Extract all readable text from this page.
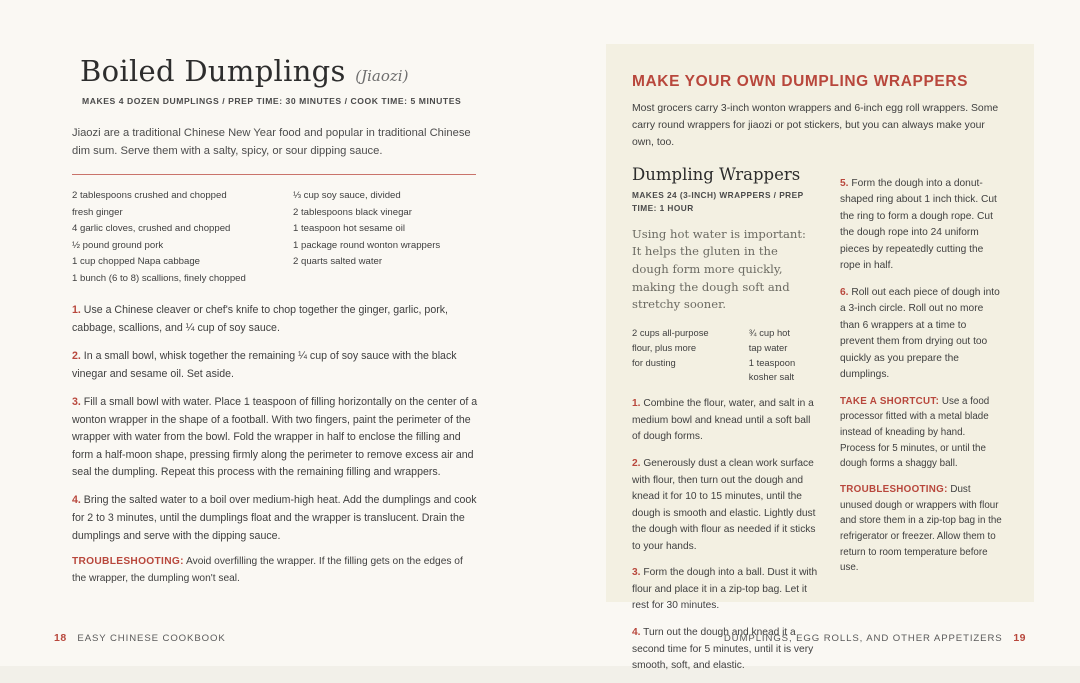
Boiled Dumplings (Jiaozi)
MAKES 4 DOZEN DUMPLINGS / PREP TIME: 30 MINUTES / COOK TIME: 5 MINUTES

Jiaozi are a traditional Chinese New Year food and popular in traditional Chinese dim sum. Serve them with a salty, spicy, or sour dipping sauce.

2 tablespoons crushed and chopped
fresh ginger
4 garlic cloves, crushed and chopped
½ pound ground pork
1 cup chopped Napa cabbage
1 bunch (6 to 8) scallions, finely chopped
⅓ cup soy sauce, divided
2 tablespoons black vinegar
1 teaspoon hot sesame oil
1 package round wonton wrappers
2 quarts salted water

1. Use a Chinese cleaver or chef's knife to chop together the ginger, garlic, pork, cabbage, scallions, and ¼ cup of soy sauce.

2. In a small bowl, whisk together the remaining ¼ cup of soy sauce with the black vinegar and sesame oil. Set aside.

3. Fill a small bowl with water. Place 1 teaspoon of filling horizontally on the center of a wonton wrapper in the shape of a football. With two fingers, paint the perimeter of the wrapper with water from the bowl. Fold the wrapper in half to enclose the filling and form a half-moon shape, pressing firmly along the perimeter to remove excess air and seal the dumpling. Repeat this process with the remaining filling and wrappers.

4. Bring the salted water to a boil over medium-high heat. Add the dumplings and cook for 2 to 3 minutes, until the dumplings float and the wrapper is translucent. Drain the dumplings and serve with the dipping sauce.

TROUBLESHOOTING: Avoid overfilling the wrapper. If the filling gets on the edges of the wrapper, the dumpling won't seal.

18 EASY CHINESE COOKBOOK
MAKE YOUR OWN DUMPLING WRAPPERS

Most grocers carry 3-inch wonton wrappers and 6-inch egg roll wrappers. Some carry round wrappers for jiaozi or pot stickers, but you can always make your own, too.

Dumpling Wrappers
MAKES 24 (3-INCH) WRAPPERS / PREP TIME: 1 HOUR

Using hot water is important: It helps the gluten in the dough form more quickly, making the dough soft and stretchy sooner.

2 cups all-purpose
flour, plus more
for dusting
¾ cup hot
tap water
1 teaspoon
kosher salt

1. Combine the flour, water, and salt in a medium bowl and knead until a soft ball of dough forms.

2. Generously dust a clean work surface with flour, then turn out the dough and knead it for 10 to 15 minutes, until the dough is smooth and elastic. Lightly dust the dough with flour as needed if it sticks to your hands.

3. Form the dough into a ball. Dust it with flour and place it in a zip-top bag. Let it rest for 30 minutes.

4. Turn out the dough and knead it a second time for 5 minutes, until it is very smooth, soft, and elastic.

5. Form the dough into a donut-shaped ring about 1 inch thick. Cut the ring to form a dough rope. Cut the dough rope into 24 uniform pieces by repeatedly cutting the rope in half.

6. Roll out each piece of dough into a 3-inch circle. Roll out no more than 6 wrappers at a time to prevent them from drying out too quickly as you prepare the dumplings.

TAKE A SHORTCUT: Use a food processor fitted with a metal blade instead of kneading by hand. Process for 5 minutes, or until the dough forms a shaggy ball.

TROUBLESHOOTING: Dust unused dough or wrappers with flour and store them in a zip-top bag in the refrigerator or freezer. Allow them to return to room temperature before use.

DUMPLINGS, EGG ROLLS, AND OTHER APPETIZERS 19
